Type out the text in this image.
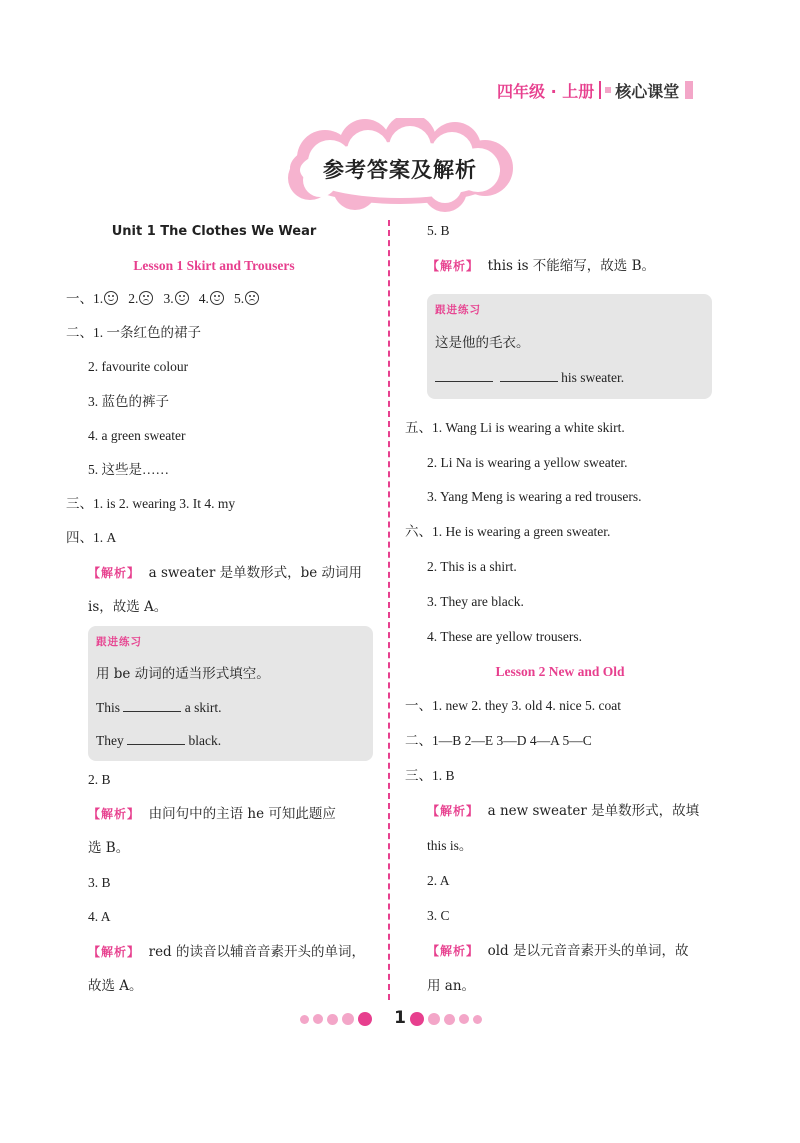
四年级 · 上册 核心课堂
参考答案及解析
Unit 1 The Clothes We Wear
Lesson 1 Skirt and Trousers
一、1. 2. 3. 4. 5.
二、1. 一条红色的裙子
2. favourite colour
3. 蓝色的裤子
4. a green sweater
5. 这些是……
三、1. is 2. wearing 3. It 4. my
四、1. A
【解析】 a sweater 是单数形式，be 动词用
is，故选 A。
跟进练习
用 be 动词的适当形式填空。
This	a skirt.
They	black.
2. B
【解析】 由问句中的主语 he 可知此题应
选 B。
3. B
4. A
【解析】 red 的读音以辅音音素开头的单词，
故选 A。
5. B
【解析】 this is 不能缩写，故选 B。
跟进练习
这是他的毛衣。
his sweater.
五、1. Wang Li is wearing a white skirt.
2. Li Na is wearing a yellow sweater.
3. Yang Meng is wearing a red trousers.
六、1. He is wearing a green sweater.
2. This is a shirt.
3. They are black.
4. These are yellow trousers.
Lesson 2 New and Old
一、1. new 2. they 3. old 4. nice 5. coat
二、1—B 2—E 3—D 4—A 5—C
三、1. B
【解析】 a new sweater 是单数形式，故填
this is。
2. A
3. C
【解析】 old 是以元音音素开头的单词，故
用 an。
1
